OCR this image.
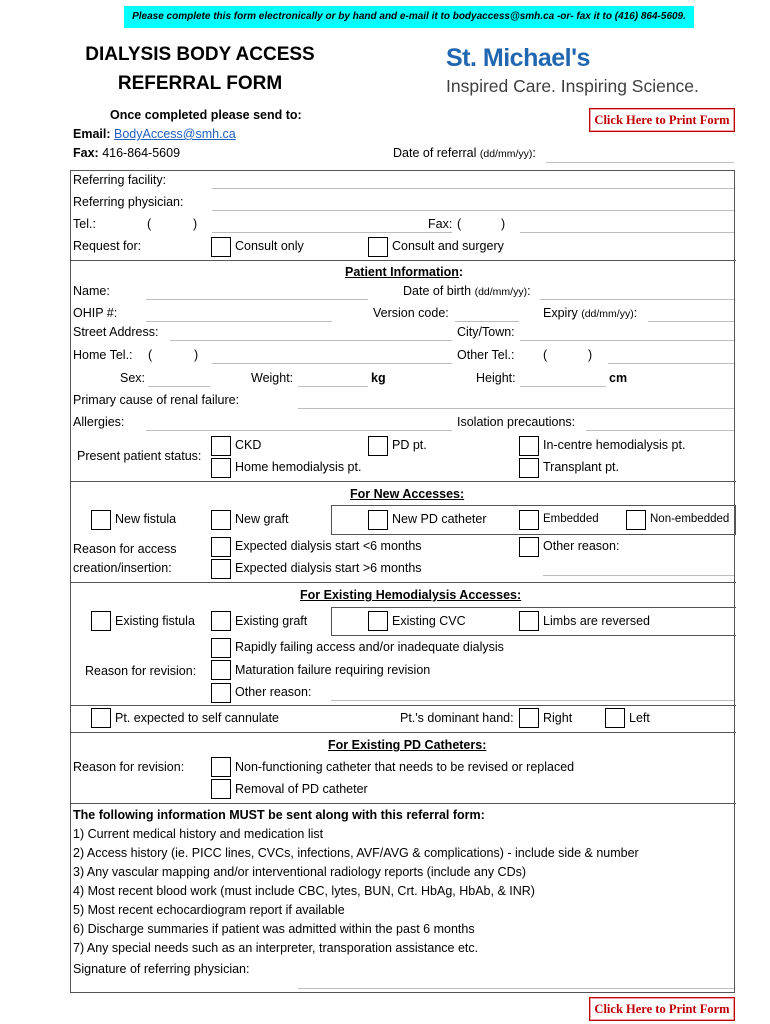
Please complete this form electronically or by hand and e-mail it to bodyaccess@smh.ca -or- fax it to (416) 864-5609.
DIALYSIS BODY ACCESS
REFERRAL FORM
St. Michael's
Inspired Care. Inspiring Science.
Click Here to Print Form
Once completed please send to:
Email: BodyAccess@smh.ca
Fax: 416-864-5609	Date of referral (dd/mm/yy):
Referring facility:
Referring physician:
Tel.:	(	)	Fax: (	)
Request for:	Consult only	Consult and surgery
Patient Information:
Name:	Date of birth (dd/mm/yy):
OHIP #:	Version code:	Expiry (dd/mm/yy):
Street Address:	City/Town:
Home Tel.: (	)	Other Tel.: (	)
Sex:	Weight:	kg	Height:	cm
Primary cause of renal failure:
Allergies:	Isolation precautions:
Present patient status:
CKD	PD pt.	In-centre hemodialysis pt.
Home hemodialysis pt.	Transplant pt.
For New Accesses:
New fistula	New graft	New PD catheter	Embedded	Non-embedded
Reason for access
creation/insertion:
Expected dialysis start <6 months	Other reason:
Expected dialysis start >6 months
For Existing Hemodialysis Accesses:
Existing fistula	Existing graft	Existing CVC	Limbs are reversed
Rapidly failing access and/or inadequate dialysis
Reason for revision:	Maturation failure requiring revision
Other reason:
Pt. expected to self cannulate	Pt.'s dominant hand: Right	Left
For Existing PD Catheters:
Reason for revision:	Non-functioning catheter that needs to be revised or replaced
Removal of PD catheter
The following information MUST be sent along with this referral form:
1) Current medical history and medication list
2) Access history (ie. PICC lines, CVCs, infections, AVF/AVG & complications) - include side & number
3) Any vascular mapping and/or interventional radiology reports (include any CDs)
4) Most recent blood work (must include CBC, lytes, BUN, Crt. HbAg, HbAb, & INR)
5) Most recent echocardiogram report if available
6) Discharge summaries if patient was admitted within the past 6 months
7) Any special needs such as an interpreter, transporation assistance etc.
Signature of referring physician:
Click Here to Print Form
